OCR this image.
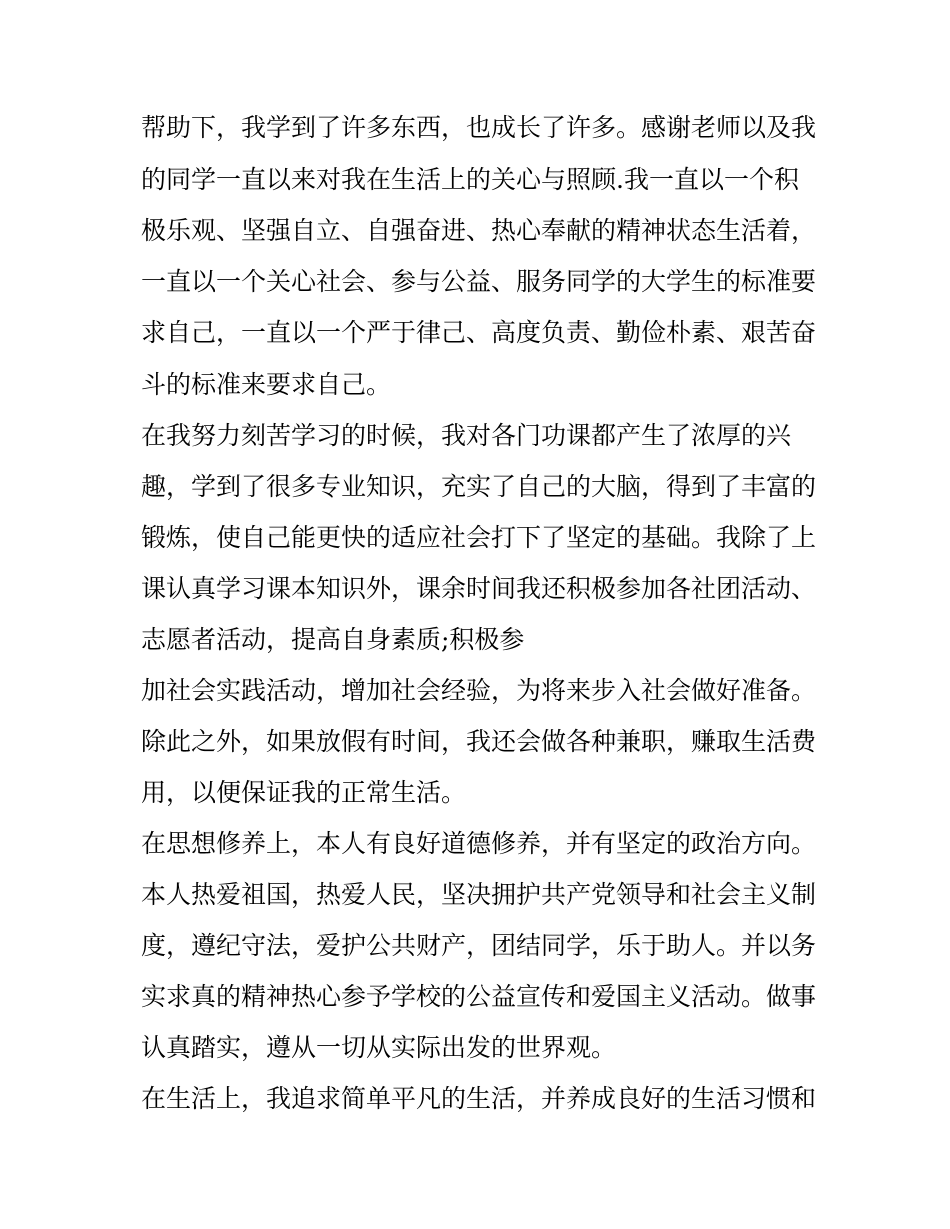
帮助下，我学到了许多东西，也成长了许多。感谢老师以及我
的同学一直以来对我在生活上的关心与照顾.我一直以一个积
极乐观、坚强自立、自强奋进、热心奉献的精神状态生活着，
一直以一个关心社会、参与公益、服务同学的大学生的标准要
求自己，一直以一个严于律己、高度负责、勤俭朴素、艰苦奋
斗的标准来要求自己。
在我努力刻苦学习的时候，我对各门功课都产生了浓厚的兴
趣，学到了很多专业知识，充实了自己的大脑，得到了丰富的
锻炼，使自己能更快的适应社会打下了坚定的基础。我除了上
课认真学习课本知识外，课余时间我还积极参加各社团活动、
志愿者活动，提高自身素质;积极参
加社会实践活动，增加社会经验，为将来步入社会做好准备。
除此之外，如果放假有时间，我还会做各种兼职，赚取生活费
用，以便保证我的正常生活。
在思想修养上，本人有良好道德修养，并有坚定的政治方向。
本人热爱祖国，热爱人民，坚决拥护共产党领导和社会主义制
度，遵纪守法，爱护公共财产，团结同学，乐于助人。并以务
实求真的精神热心参予学校的公益宣传和爱国主义活动。做事
认真踏实，遵从一切从实际出发的世界观。
在生活上，我追求简单平凡的生活，并养成良好的生活习惯和
